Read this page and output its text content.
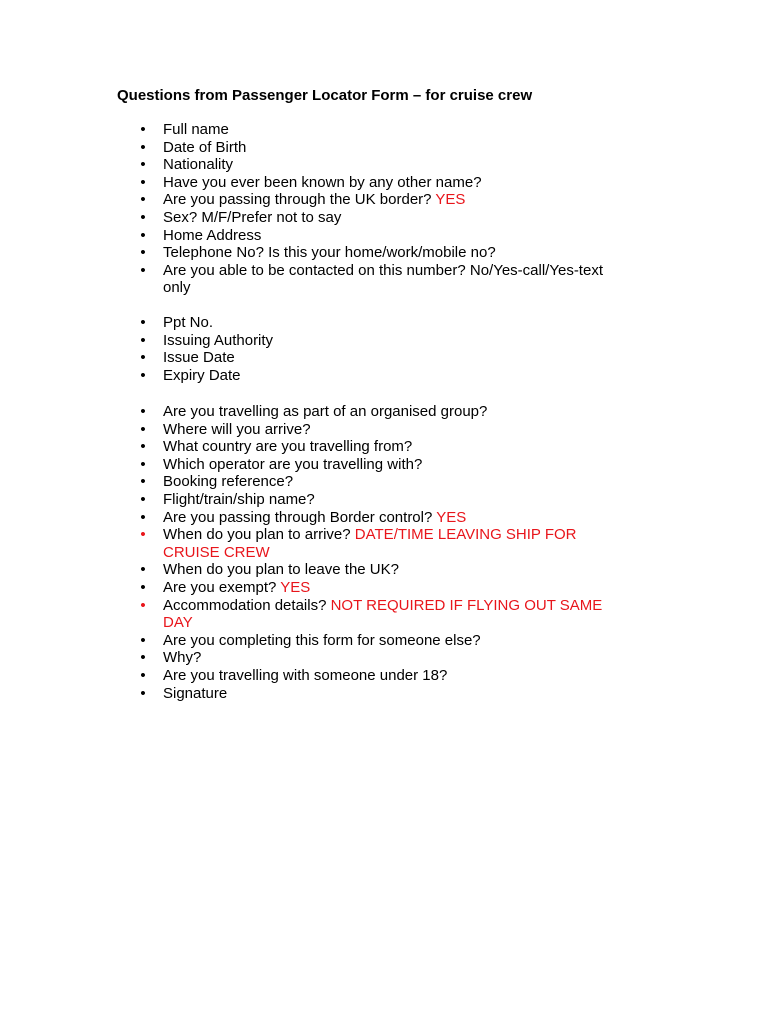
Questions from Passenger Locator Form – for cruise crew
• Full name
• Date of Birth
• Nationality
• Have you ever been known by any other name?
• Are you passing through the UK border? YES
• Sex? M/F/Prefer not to say
• Home Address
• Telephone No? Is this your home/work/mobile no?
• Are you able to be contacted on this number? No/Yes-call/Yes-text only
• Ppt No.
• Issuing Authority
• Issue Date
• Expiry Date
• Are you travelling as part of an organised group?
• Where will you arrive?
• What country are you travelling from?
• Which operator are you travelling with?
• Booking reference?
• Flight/train/ship name?
• Are you passing through Border control? YES
• When do you plan to arrive? DATE/TIME LEAVING SHIP FOR CRUISE CREW
• When do you plan to leave the UK?
• Are you exempt? YES
• Accommodation details? NOT REQUIRED IF FLYING OUT SAME DAY
• Are you completing this form for someone else?
• Why?
• Are you travelling with someone under 18?
• Signature
